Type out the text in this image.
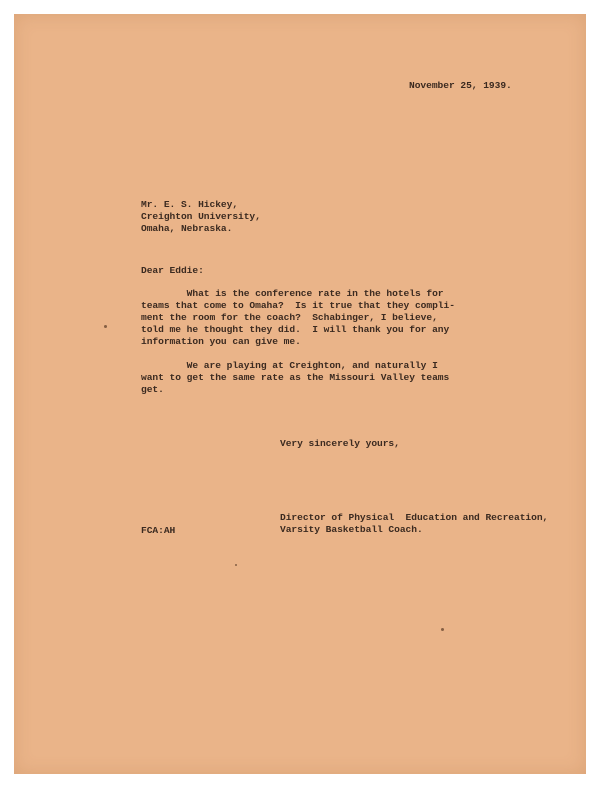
November 25, 1939.
Mr. E. S. Hickey,
Creighton University,
Omaha, Nebraska.
Dear Eddie:
What is the conference rate in the hotels for
teams that come to Omaha?  Is it true that they compli-
ment the room for the coach?  Schabinger, I believe,
told me he thought they did.  I will thank you for any
information you can give me.
We are playing at Creighton, and naturally I
want to get the same rate as the Missouri Valley teams
get.
Very sincerely yours,
Director of Physical  Education and Recreation,
Varsity Basketball Coach.
FCA:AH
